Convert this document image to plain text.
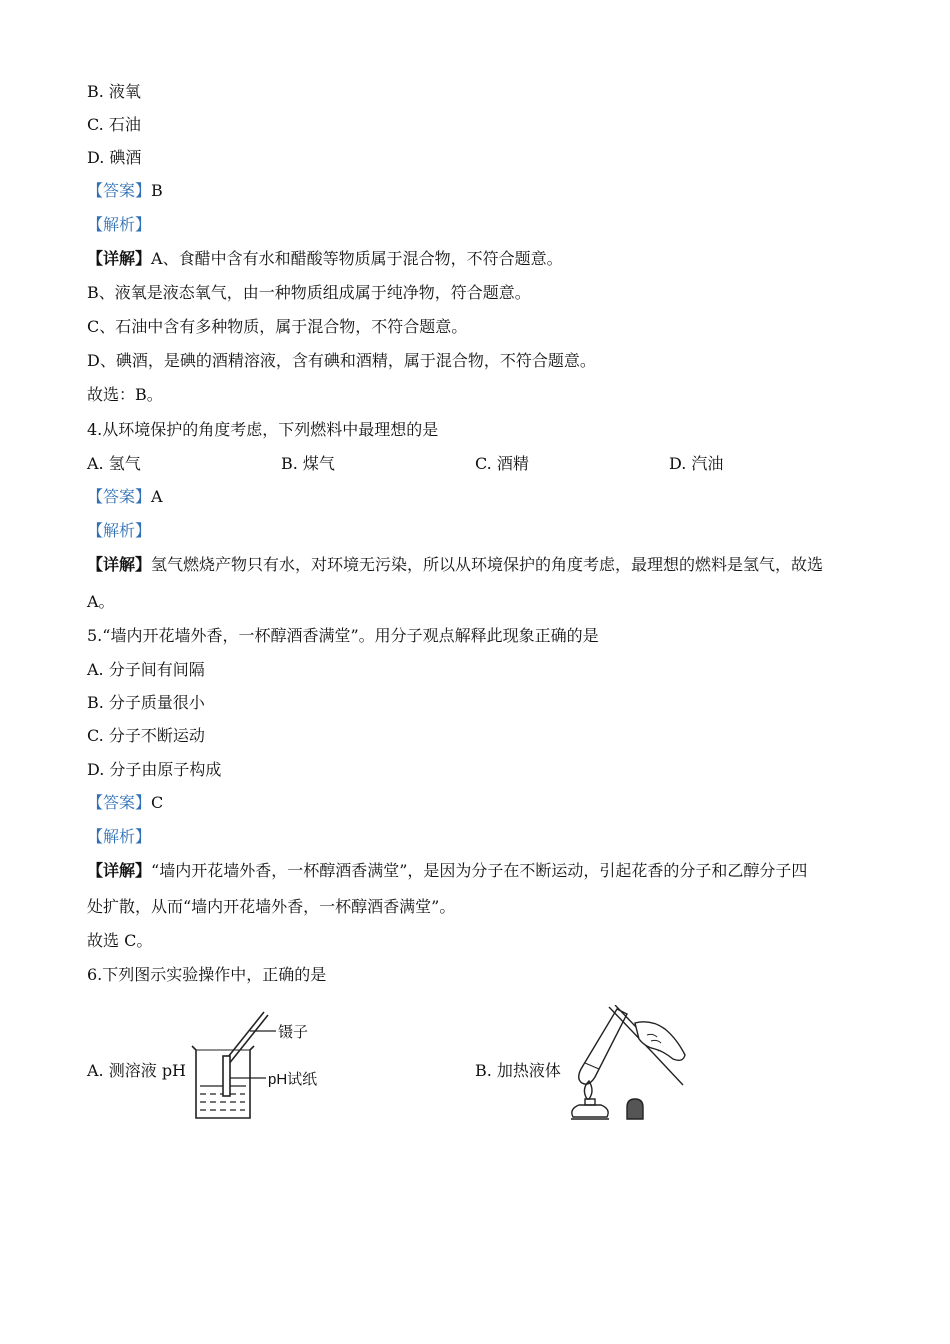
B. 液氧
C. 石油
D. 碘酒
【答案】B
【解析】
【详解】A、食醋中含有水和醋酸等物质属于混合物，不符合题意。
B、液氧是液态氧气，由一种物质组成属于纯净物，符合题意。
C、石油中含有多种物质，属于混合物，不符合题意。
D、碘酒，是碘的酒精溶液，含有碘和酒精，属于混合物，不符合题意。
故选：B。
4.从环境保护的角度考虑，下列燃料中最理想的是
A. 氢气	B. 煤气	C. 酒精	D. 汽油
【答案】A
【解析】
【详解】氢气燃烧产物只有水，对环境无污染，所以从环境保护的角度考虑，最理想的燃料是氢气，故选
A。
5.“墙内开花墙外香，一杯醇酒香满堂”。用分子观点解释此现象正确的是
A. 分子间有间隔
B. 分子质量很小
C. 分子不断运动
D. 分子由原子构成
【答案】C
【解析】
【详解】“墙内开花墙外香，一杯醇酒香满堂”，是因为分子在不断运动，引起花香的分子和乙醇分子四
处扩散，从而“墙内开花墙外香，一杯醇酒香满堂”。
故选 C。
6.下列图示实验操作中，正确的是
A. 测溶液 pH	B. 加热液体
镊子
pH试纸
